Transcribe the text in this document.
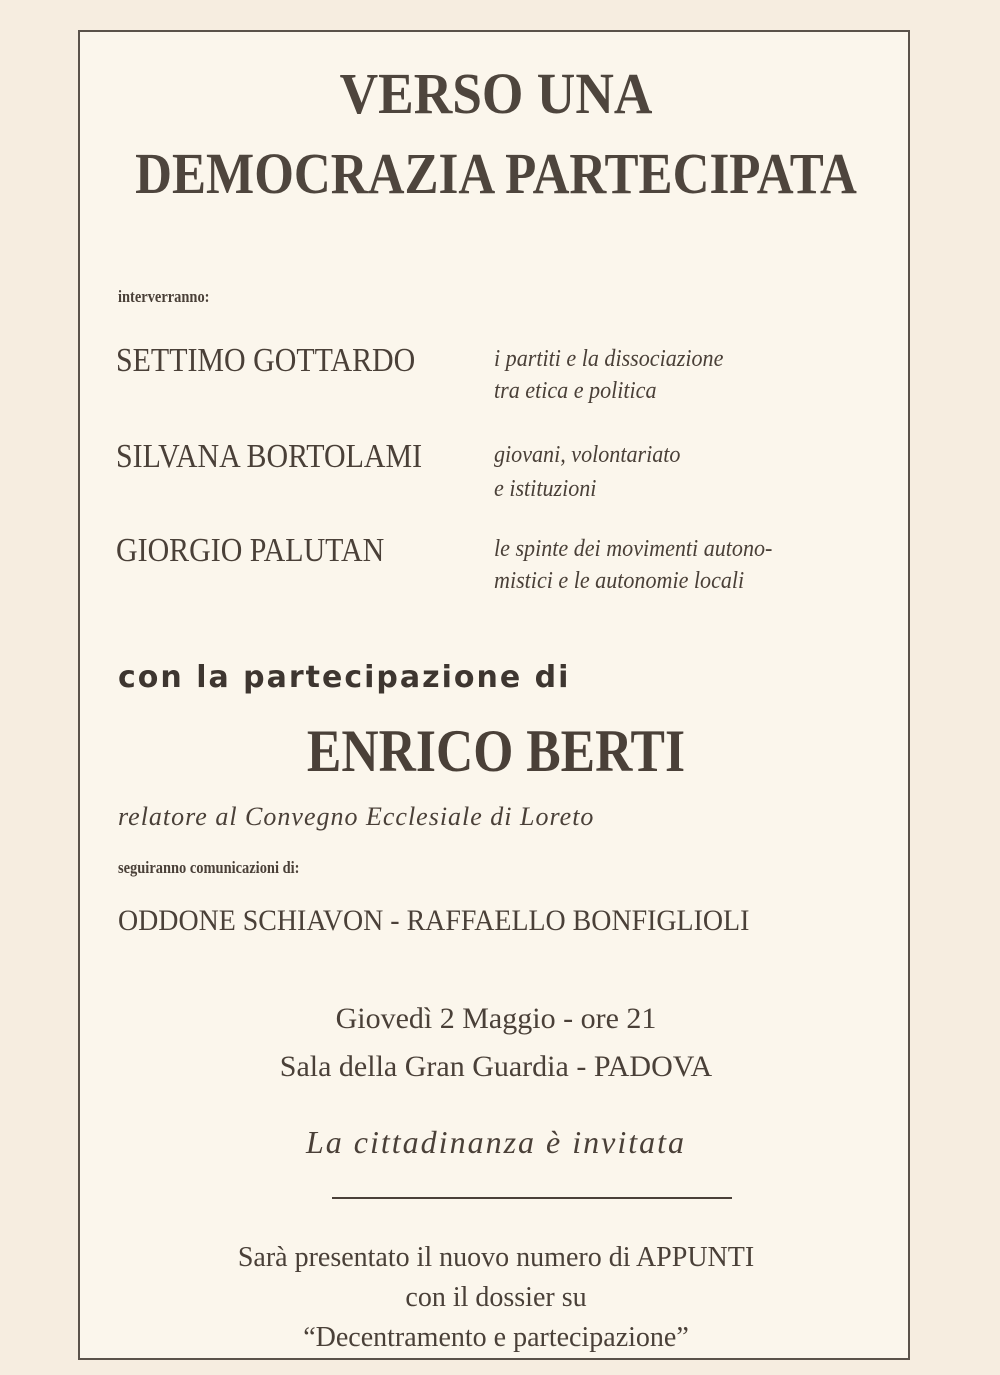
VERSO UNA
DEMOCRAZIA PARTECIPATA
interverranno:
SETTIMO GOTTARDO	i partiti e la dissociazione
tra etica e politica
SILVANA BORTOLAMI	giovani, volontariato
e istituzioni
GIORGIO PALUTAN	le spinte dei movimenti autono-
mistici e le autonomie locali
con la partecipazione di
ENRICO BERTI
relatore al Convegno Ecclesiale di Loreto
seguiranno comunicazioni di:
ODDONE SCHIAVON - RAFFAELLO BONFIGLIOLI
Giovedì 2 Maggio - ore 21
Sala della Gran Guardia - PADOVA
La cittadinanza è invitata
Sarà presentato il nuovo numero di APPUNTI
con il dossier su
“Decentramento e partecipazione”
